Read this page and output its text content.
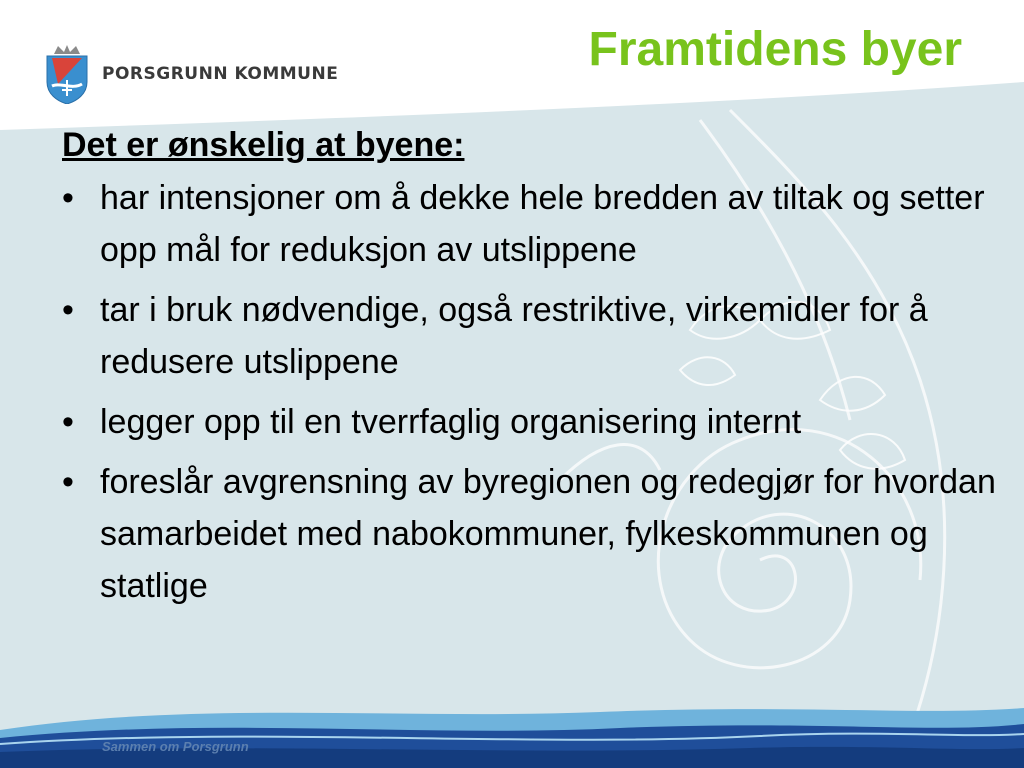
PORSGRUNN KOMMUNE	Framtidens byer

Det er ønskelig at byene:

• har intensjoner om å dekke hele bredden av tiltak og setter opp mål for reduksjon av utslippene
• tar i bruk nødvendige, også restriktive, virkemidler for å redusere utslippene
• legger opp til en tverrfaglig organisering internt
• foreslår avgrensning av byregionen og redegjør for hvordan samarbeidet med nabokommuner, fylkeskommunen og statlige
Sammen om Porsgrunn
